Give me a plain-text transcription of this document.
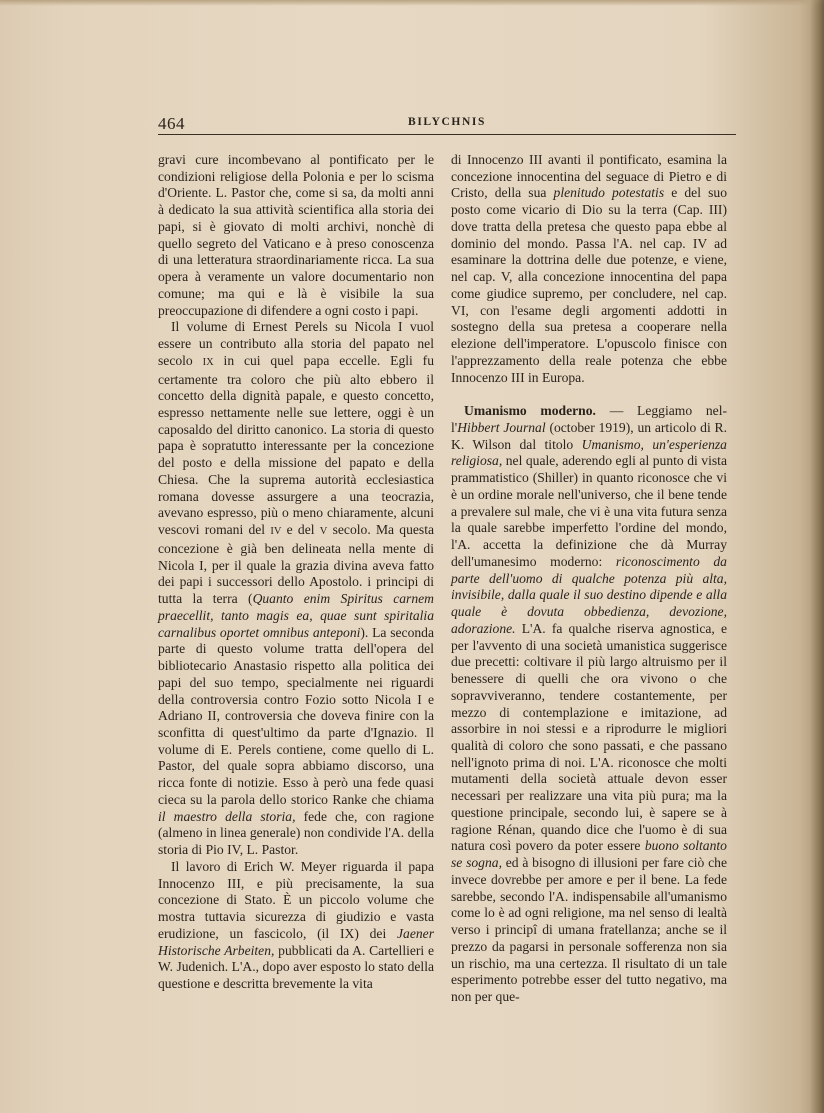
464	BILYCHNIS

gravi cure incombevano al pontificato per le condizioni religiose della Polonia e per lo scisma d'Oriente. L. Pastor che, come si sa, da molti anni à dedicato la sua attività scientifica alla storia dei papi, si è giovato di molti archivi, nonchè di quello segreto del Vaticano e à preso conoscenza di una letteratura straordinariamente ricca. La sua opera à veramente un valore documentario non comune; ma qui e là è visibile la sua preoccupazione di difendere a ogni costo i papi.

Il volume di Ernest Perels su Nicola I vuol essere un contributo alla storia del papato nel secolo IX in cui quel papa eccelle. Egli fu certamente tra coloro che più alto ebbero il concetto della dignità papale, e questo concetto, espresso nettamente nelle sue lettere, oggi è un caposaldo del diritto canonico. La storia di questo papa è sopratutto interessante per la concezione del posto e della missione del papato e della Chiesa. Che la suprema autorità ecclesiastica romana dovesse assurgere a una teocrazia, avevano espresso, più o meno chiaramente, alcuni vescovi romani del IV e del V secolo. Ma questa concezione è già ben delineata nella mente di Nicola I, per il quale la grazia divina aveva fatto dei papi i successori dello Apostolo. i principi di tutta la terra (Quanto enim Spiritus carnem praecellit, tanto magis ea, quae sunt spiritalia carnalibus oportet omnibus anteponi). La seconda parte di questo volume tratta dell'opera del bibliotecario Anastasio rispetto alla politica dei papi del suo tempo, specialmente nei riguardi della controversia contro Fozio sotto Nicola I e Adriano II, controversia che doveva finire con la sconfitta di quest'ultimo da parte d'Ignazio. Il volume di E. Perels contiene, come quello di L. Pastor, del quale sopra abbiamo discorso, una ricca fonte di notizie. Esso à però una fede quasi cieca su la parola dello storico Ranke che chiama il maestro della storia, fede che, con ragione (almeno in linea generale) non condivide l'A. della storia di Pio IV, L. Pastor.

Il lavoro di Erich W. Meyer riguarda il papa Innocenzo III, e più precisamente, la sua concezione di Stato. È un piccolo volume che mostra tuttavia sicurezza di giudizio e vasta erudizione, un fascicolo, (il IX) dei Jaener Historische Arbeiten, pubblicati da A. Cartellieri e W. Judenich. L'A., dopo aver esposto lo stato della questione e descritta brevemente la vita

di Innocenzo III avanti il pontificato, esamina la concezione innocentina del seguace di Pietro e di Cristo, della sua plenitudo potestatis e del suo posto come vicario di Dio su la terra (Cap. III) dove tratta della pretesa che questo papa ebbe al dominio del mondo. Passa l'A. nel cap. IV ad esaminare la dottrina delle due potenze, e viene, nel cap. V, alla concezione innocentina del papa come giudice supremo, per concludere, nel cap. VI, con l'esame degli argomenti addotti in sostegno della sua pretesa a cooperare nella elezione dell'imperatore. L'opuscolo finisce con l'apprezzamento della reale potenza che ebbe Innocenzo III in Europa.

Umanismo moderno. — Leggiamo nel-l'Hibbert Journal (october 1919), un articolo di R. K. Wilson dal titolo Umanismo, un'esperienza religiosa, nel quale, aderendo egli al punto di vista prammatistico (Shiller) in quanto riconosce che vi è un ordine morale nell'universo, che il bene tende a prevalere sul male, che vi è una vita futura senza la quale sarebbe imperfetto l'ordine del mondo, l'A. accetta la definizione che dà Murray dell'umanesimo moderno: riconoscimento da parte dell'uomo di qualche potenza più alta, invisibile, dalla quale il suo destino dipende e alla quale è dovuta obbedienza, devozione, adorazione. L'A. fa qualche riserva agnostica, e per l'avvento di una società umanistica suggerisce due precetti: coltivare il più largo altruismo per il benessere di quelli che ora vivono o che sopravviveranno, tendere costantemente, per mezzo di contemplazione e imitazione, ad assorbire in noi stessi e a riprodurre le migliori qualità di coloro che sono passati, e che passano nell'ignoto prima di noi. L'A. riconosce che molti mutamenti della società attuale devon esser necessari per realizzare una vita più pura; ma la questione principale, secondo lui, è sapere se à ragione Rénan, quando dice che l'uomo è di sua natura così povero da poter essere buono soltanto se sogna, ed à bisogno di illusioni per fare ciò che invece dovrebbe per amore e per il bene. La fede sarebbe, secondo l'A. indispensabile all'umanismo come lo è ad ogni religione, ma nel senso di lealtà verso i principî di umana fratellanza; anche se il prezzo da pagarsi in personale sofferenza non sia un rischio, ma una certezza. Il risultato di un tale esperimento potrebbe esser del tutto negativo, ma non per que-
